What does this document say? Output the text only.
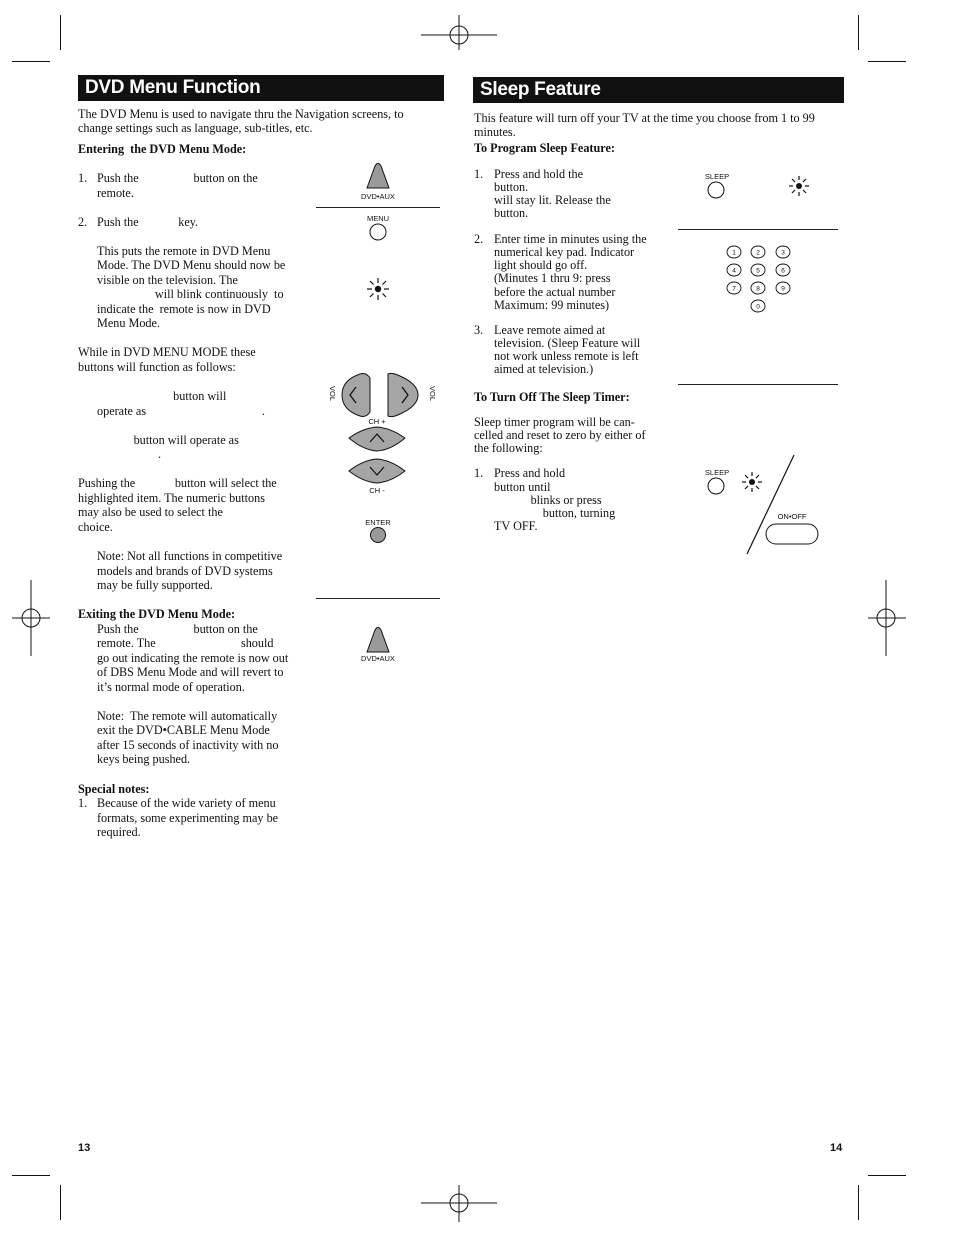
DVD Menu Function
The DVD Menu is used to navigate thru the Navigation screens, to
change settings such as language, sub-titles, etc.
Entering  the DVD Menu Mode:
1. Push the                  button on the
remote.
2. Push the             key.
This puts the remote in DVD Menu
Mode. The DVD Menu should now be
visible on the television. The
will blink continuously  to
indicate the  remote is now in DVD
Menu Mode.
While in DVD MENU MODE these
buttons will function as follows:
button will
operate as                                      .
button will operate as
.
Pushing the             button will select the
highlighted item. The numeric buttons
may also be used to select the
choice.
Note: Not all functions in competitive
models and brands of DVD systems
may be fully supported.
Exiting the DVD Menu Mode:
Push the                  button on the
remote. The                            should
go out indicating the remote is now out
of DBS Menu Mode and will revert to
it’s normal mode of operation.
Note:  The remote will automatically
exit the DVD•CABLE Menu Mode
after 15 seconds of inactivity with no
keys being pushed.
Special notes:
1. Because of the wide variety of menu
formats, some experimenting may be
required.
13
DVD•AUX
MENU
VOL	VOL
CH +
CH -
ENTER
DVD•AUX
Sleep Feature
This feature will turn off your TV at the time you choose from 1 to 99
minutes.
To Program Sleep Feature:
1. Press and hold the
button.
will stay lit. Release the
button.
2. Enter time in minutes using the
numerical key pad. Indicator
light should go off.
(Minutes 1 thru 9: press
before the actual number
Maximum: 99 minutes)
3. Leave remote aimed at
television. (Sleep Feature will
not work unless remote is left
aimed at television.)
To Turn Off The Sleep Timer:
Sleep timer program will be can-
celled and reset to zero by either of
the following:
1. Press and hold
button until
blinks or press
button, turning
TV OFF.
14
SLEEP
1	2	3
4	5	6
7	8	9
0
SLEEP
ON•OFF
